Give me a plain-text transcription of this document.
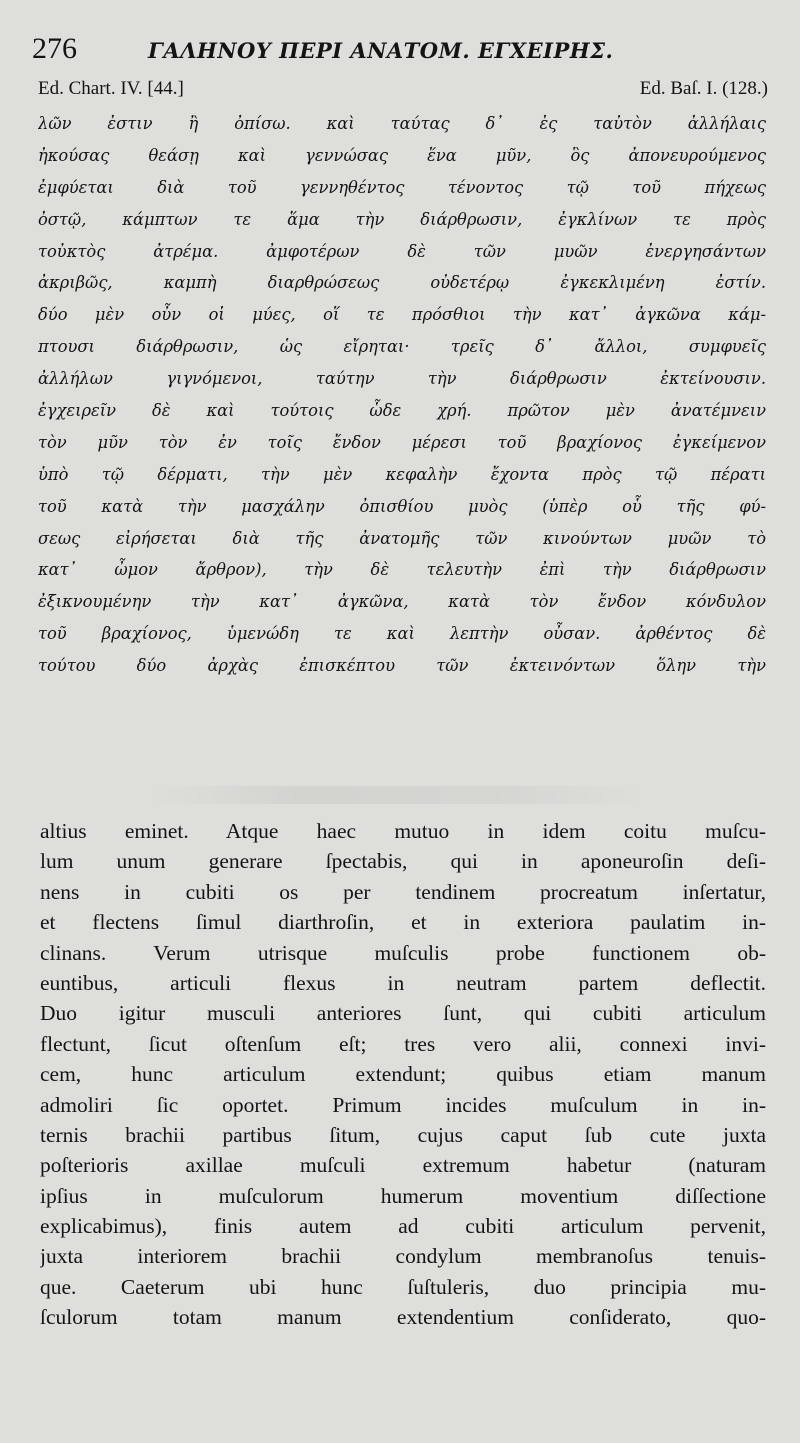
276	ΓΑΛΗΝΟΥ ΠΕΡΙ ΑΝΑΤΟΜ. ΕΓΧΕΙΡΗΣ.
Ed. Chart. IV. [44.]	Ed. Baſ. I. (128.)
λῶν ἐστιν ἢ ὀπίσω. καὶ ταύτας δ᾽ ἐς ταὐτὸν ἀλλήλαις
ἠκούσας θεάσῃ καὶ γεννώσας ἕνα μῦν, ὃς ἀπονευρούμενος
ἐμφύεται διὰ τοῦ γεννηθέντος τένοντος τῷ τοῦ πήχεως
ὀστῷ, κάμπτων τε ἅμα τὴν διάρθρωσιν, ἐγκλίνων τε πρὸς
τοὐκτὸς ἀτρέμα. ἀμφοτέρων δὲ τῶν μυῶν ἐνεργησάντων
ἀκριβῶς, καμπὴ διαρθρώσεως οὐδετέρῳ ἐγκεκλιμένη ἐστίν.
δύο μὲν οὖν οἱ μύες, οἵ τε πρόσθιοι τὴν κατ᾽ ἀγκῶνα κάμ-
πτουσι διάρθρωσιν, ὡς εἴρηται· τρεῖς δ᾽ ἄλλοι, συμφυεῖς
ἀλλήλων γιγνόμενοι, ταύτην τὴν διάρθρωσιν ἐκτείνουσιν.
ἐγχειρεῖν δὲ καὶ τούτοις ὧδε χρή. πρῶτον μὲν ἀνατέμνειν
τὸν μῦν τὸν ἐν τοῖς ἔνδον μέρεσι τοῦ βραχίονος ἐγκείμενον
ὑπὸ τῷ δέρματι, τὴν μὲν κεφαλὴν ἔχοντα πρὸς τῷ πέρατι
τοῦ κατὰ τὴν μασχάλην ὀπισθίου μυὸς (ὑπὲρ οὗ τῆς φύ-
σεως εἰρήσεται διὰ τῆς ἀνατομῆς τῶν κινούντων μυῶν τὸ
κατ᾽ ὦμον ἄρθρον), τὴν δὲ τελευτὴν ἐπὶ τὴν διάρθρωσιν
ἐξικνουμένην τὴν κατ᾽ ἀγκῶνα, κατὰ τὸν ἔνδον κόνδυλον
τοῦ βραχίονος, ὑμενώδη τε καὶ λεπτὴν οὖσαν. ἀρθέντος δὲ
τούτου δύο ἀρχὰς ἐπισκέπτου τῶν ἐκτεινόντων ὅλην τὴν
altius eminet. Atque haec mutuo in idem coitu muſcu-
lum unum generare ſpectabis, qui in aponeuroſin deſi-
nens in cubiti os per tendinem procreatum inſertatur,
et flectens ſimul diarthroſin, et in exteriora paulatim in-
clinans. Verum utrisque muſculis probe functionem ob-
euntibus, articuli flexus in neutram partem deflectit.
Duo igitur musculi anteriores ſunt, qui cubiti articulum
flectunt, ſicut oſtenſum eſt; tres vero alii, connexi invi-
cem, hunc articulum extendunt; quibus etiam manum
admoliri ſic oportet. Primum incides muſculum in in-
ternis brachii partibus ſitum, cujus caput ſub cute juxta
poſterioris axillae muſculi extremum habetur (naturam
ipſius in muſculorum humerum moventium diſſectione
explicabimus), finis autem ad cubiti articulum pervenit,
juxta interiorem brachii condylum membranoſus tenuis-
que. Caeterum ubi hunc ſuſtuleris, duo principia mu-
ſculorum totam manum extendentium conſiderato, quo-
